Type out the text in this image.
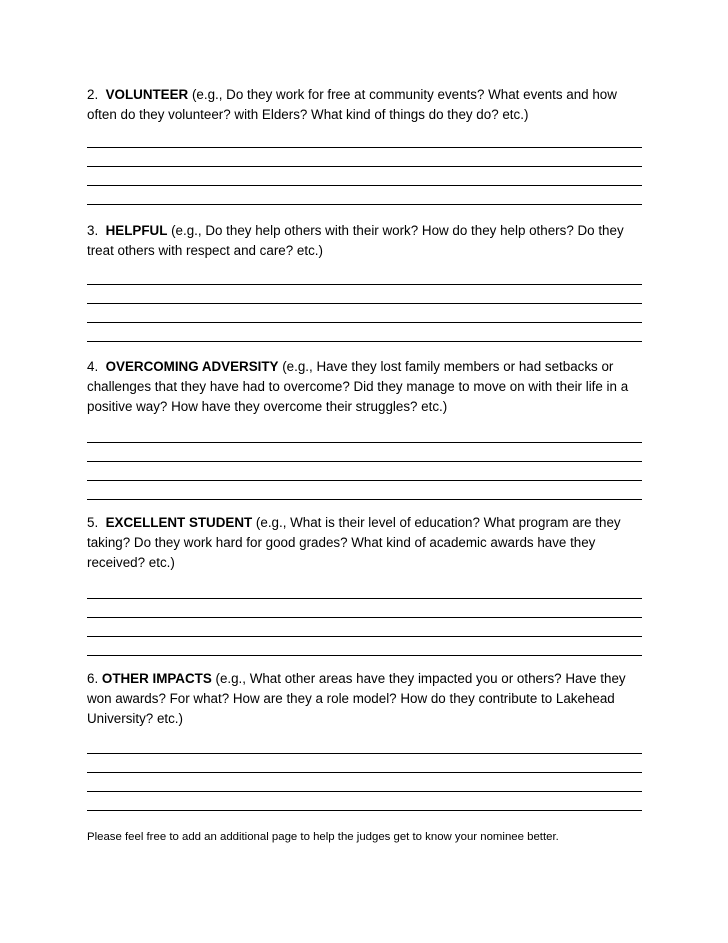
2. VOLUNTEER (e.g., Do they work for free at community events? What events and how often do they volunteer? with Elders? What kind of things do they do? etc.)

3. HELPFUL (e.g., Do they help others with their work? How do they help others? Do they treat others with respect and care? etc.)

4. OVERCOMING ADVERSITY (e.g., Have they lost family members or had setbacks or challenges that they have had to overcome? Did they manage to move on with their life in a positive way? How have they overcome their struggles? etc.)

5. EXCELLENT STUDENT (e.g., What is their level of education? What program are they taking? Do they work hard for good grades? What kind of academic awards have they received? etc.)

6. OTHER IMPACTS (e.g., What other areas have they impacted you or others? Have they won awards? For what? How are they a role model? How do they contribute to Lakehead University? etc.)

Please feel free to add an additional page to help the judges get to know your nominee better.
